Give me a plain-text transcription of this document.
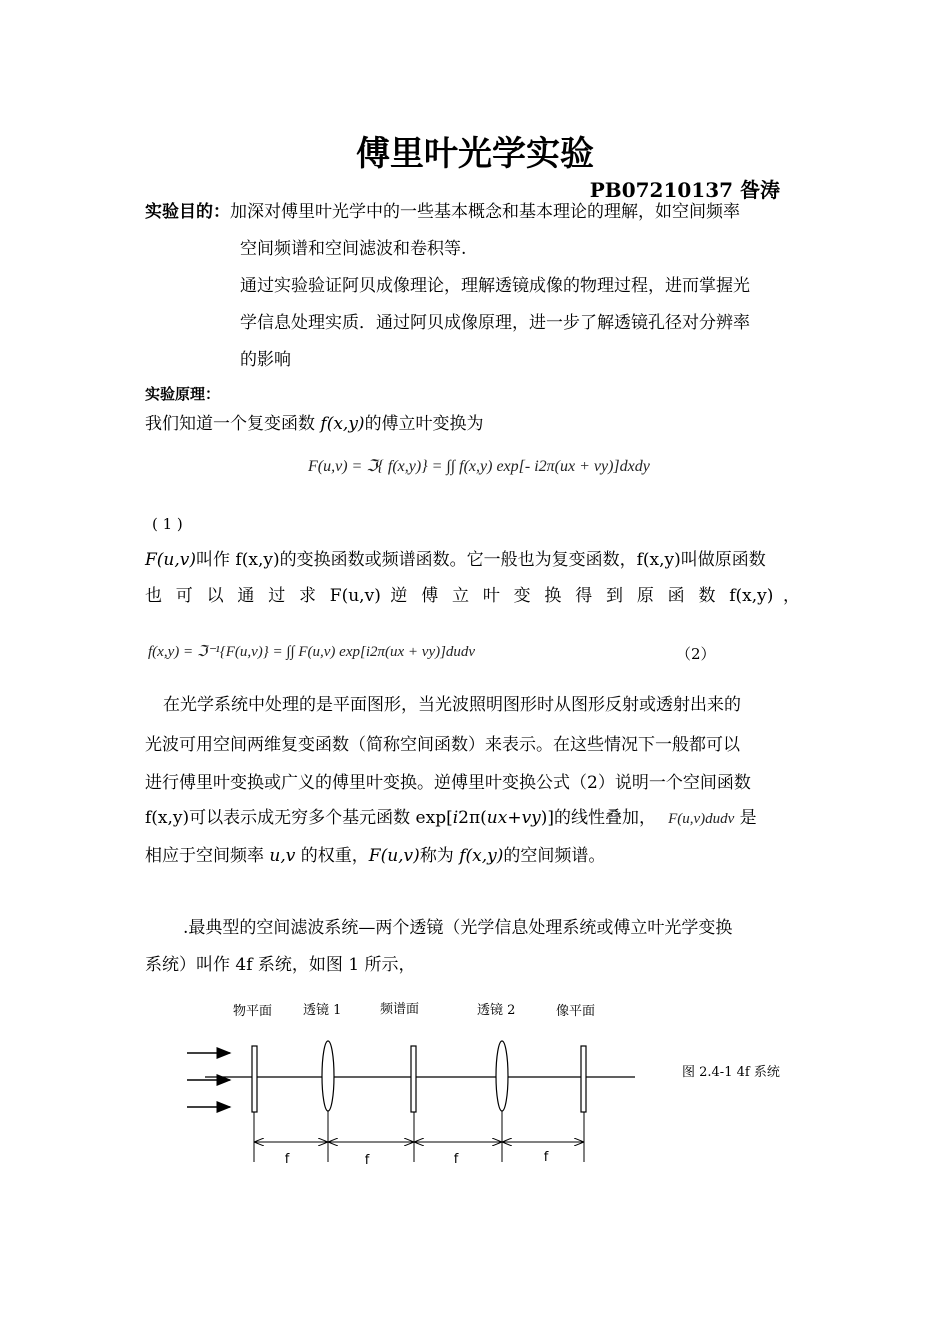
傅里叶光学实验
PB07210137 昝涛
实验目的：加深对傅里叶光学中的一些基本概念和基本理论的理解，如空间频率
空间频谱和空间滤波和卷积等.
通过实验验证阿贝成像理论，理解透镜成像的物理过程，进而掌握光
学信息处理实质．通过阿贝成像原理，进一步了解透镜孔径对分辨率
的影响
实验原理：
我们知道一个复变函数 f(x,y)的傅立叶变换为
F(u,v) = ℑ{ f(x,y)} = ∫∫ f(x,y) exp[- i2π(ux + vy)]dxdy
( 1 )
F(u,v)叫作 f(x,y)的变换函数或频谱函数。它一般也为复变函数，f(x,y)叫做原函数
也 可 以 通 过 求 F(u,v) 逆 傅 立 叶 变 换 得 到 原 函 数 f(x,y) ，
f(x,y) = ℑ⁻¹{F(u,v)} = ∫∫ F(u,v) exp[i2π(ux + vy)]dudv	（2）
在光学系统中处理的是平面图形，当光波照明图形时从图形反射或透射出来的
光波可用空间两维复变函数（简称空间函数）来表示。在这些情况下一般都可以
进行傅里叶变换或广义的傅里叶变换。逆傅里叶变换公式（2）说明一个空间函数
f(x,y)可以表示成无穷多个基元函数 exp[i2π(ux+vy)]的线性叠加， F(u,v)dudv 是
相应于空间频率 u,v 的权重，F(u,v)称为 f(x,y)的空间频谱。
.最典型的空间滤波系统—两个透镜（光学信息处理系统或傅立叶光学变换
系统）叫作 4f 系统，如图 1 所示，
物平面 透镜 1	频谱面	透镜 2	像平面
图 2.4-1 4f 系统
f	f	f	f
